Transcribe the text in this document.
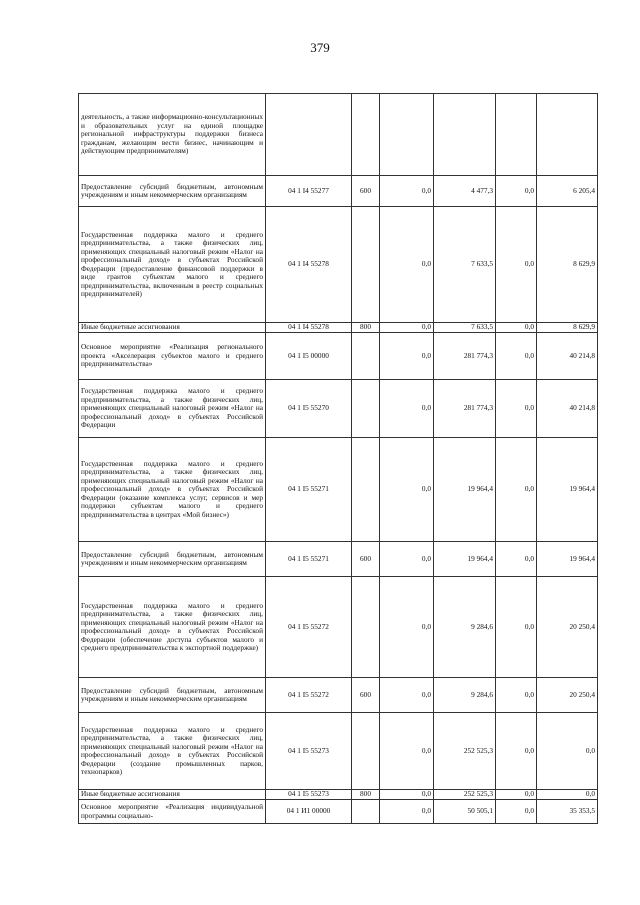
379
деятельность, а также информационно-консультационных и образовательных услуг на единой площадке региональной инфраструктуры поддержки бизнеса гражданам, желающим вести бизнес, начинающим и действующим предпринимателям)						
Предоставление субсидий бюджетным, автономным учреждениям и иным некоммерческим организациям	04 1 I4 55277	600	0,0	4 477,3	0,0	6 205,4
Государственная поддержка малого и среднего предпринимательства, а также физических лиц, применяющих специальный налоговый режим «Налог на профессиональный доход» в субъектах Российской Федерации (предоставление финансовой поддержки в виде грантов субъектам малого и среднего предпринимательства, включенным в реестр социальных предпринимателей)	04 1 I4 55278		0,0	7 633,5	0,0	8 629,9
Иные бюджетные ассигнования	04 1 I4 55278	800	0,0	7 633,5	0,0	8 629,9
Основное мероприятие «Реализация регионального проекта «Акселерация субъектов малого и среднего предпринимательства»	04 1 I5 00000		0,0	281 774,3	0,0	40 214,8
Государственная поддержка малого и среднего предпринимательства, а также физических лиц, применяющих специальный налоговый режим «Налог на профессиональный доход» в субъектах Российской Федерации	04 1 I5 55270		0,0	281 774,3	0,0	40 214,8
Государственная поддержка малого и среднего предпринимательства, а также физических лиц, применяющих специальный налоговый режим «Налог на профессиональный доход» в субъектах Российской Федерации (оказание комплекса услуг, сервисов и мер поддержки субъектам малого и среднего предпринимательства в центрах «Мой бизнес»)	04 1 I5 55271		0,0	19 964,4	0,0	19 964,4
Предоставление субсидий бюджетным, автономным учреждениям и иным некоммерческим организациям	04 1 I5 55271	600	0,0	19 964,4	0,0	19 964,4
Государственная поддержка малого и среднего предпринимательства, а также физических лиц, применяющих специальный налоговый режим «Налог на профессиональный доход» в субъектах Российской Федерации (обеспечение доступа субъектов малого и среднего предпринимательства к экспортной поддержке)	04 1 I5 55272		0,0	9 284,6	0,0	20 250,4
Предоставление субсидий бюджетным, автономным учреждениям и иным некоммерческим организациям	04 1 I5 55272	600	0,0	9 284,6	0,0	20 250,4
Государственная поддержка малого и среднего предпринимательства, а также физических лиц, применяющих специальный налоговый режим «Налог на профессиональный доход» в субъектах Российской Федерации (создание промышленных парков, технопарков)	04 1 I5 55273		0,0	252 525,3	0,0	0,0
Иные бюджетные ассигнования	04 1 I5 55273	800	0,0	252 525,3	0,0	0,0
Основное мероприятие «Реализация индивидуальной программы социально-	04 1 И1 00000		0,0	50 505,1	0,0	35 353,5
